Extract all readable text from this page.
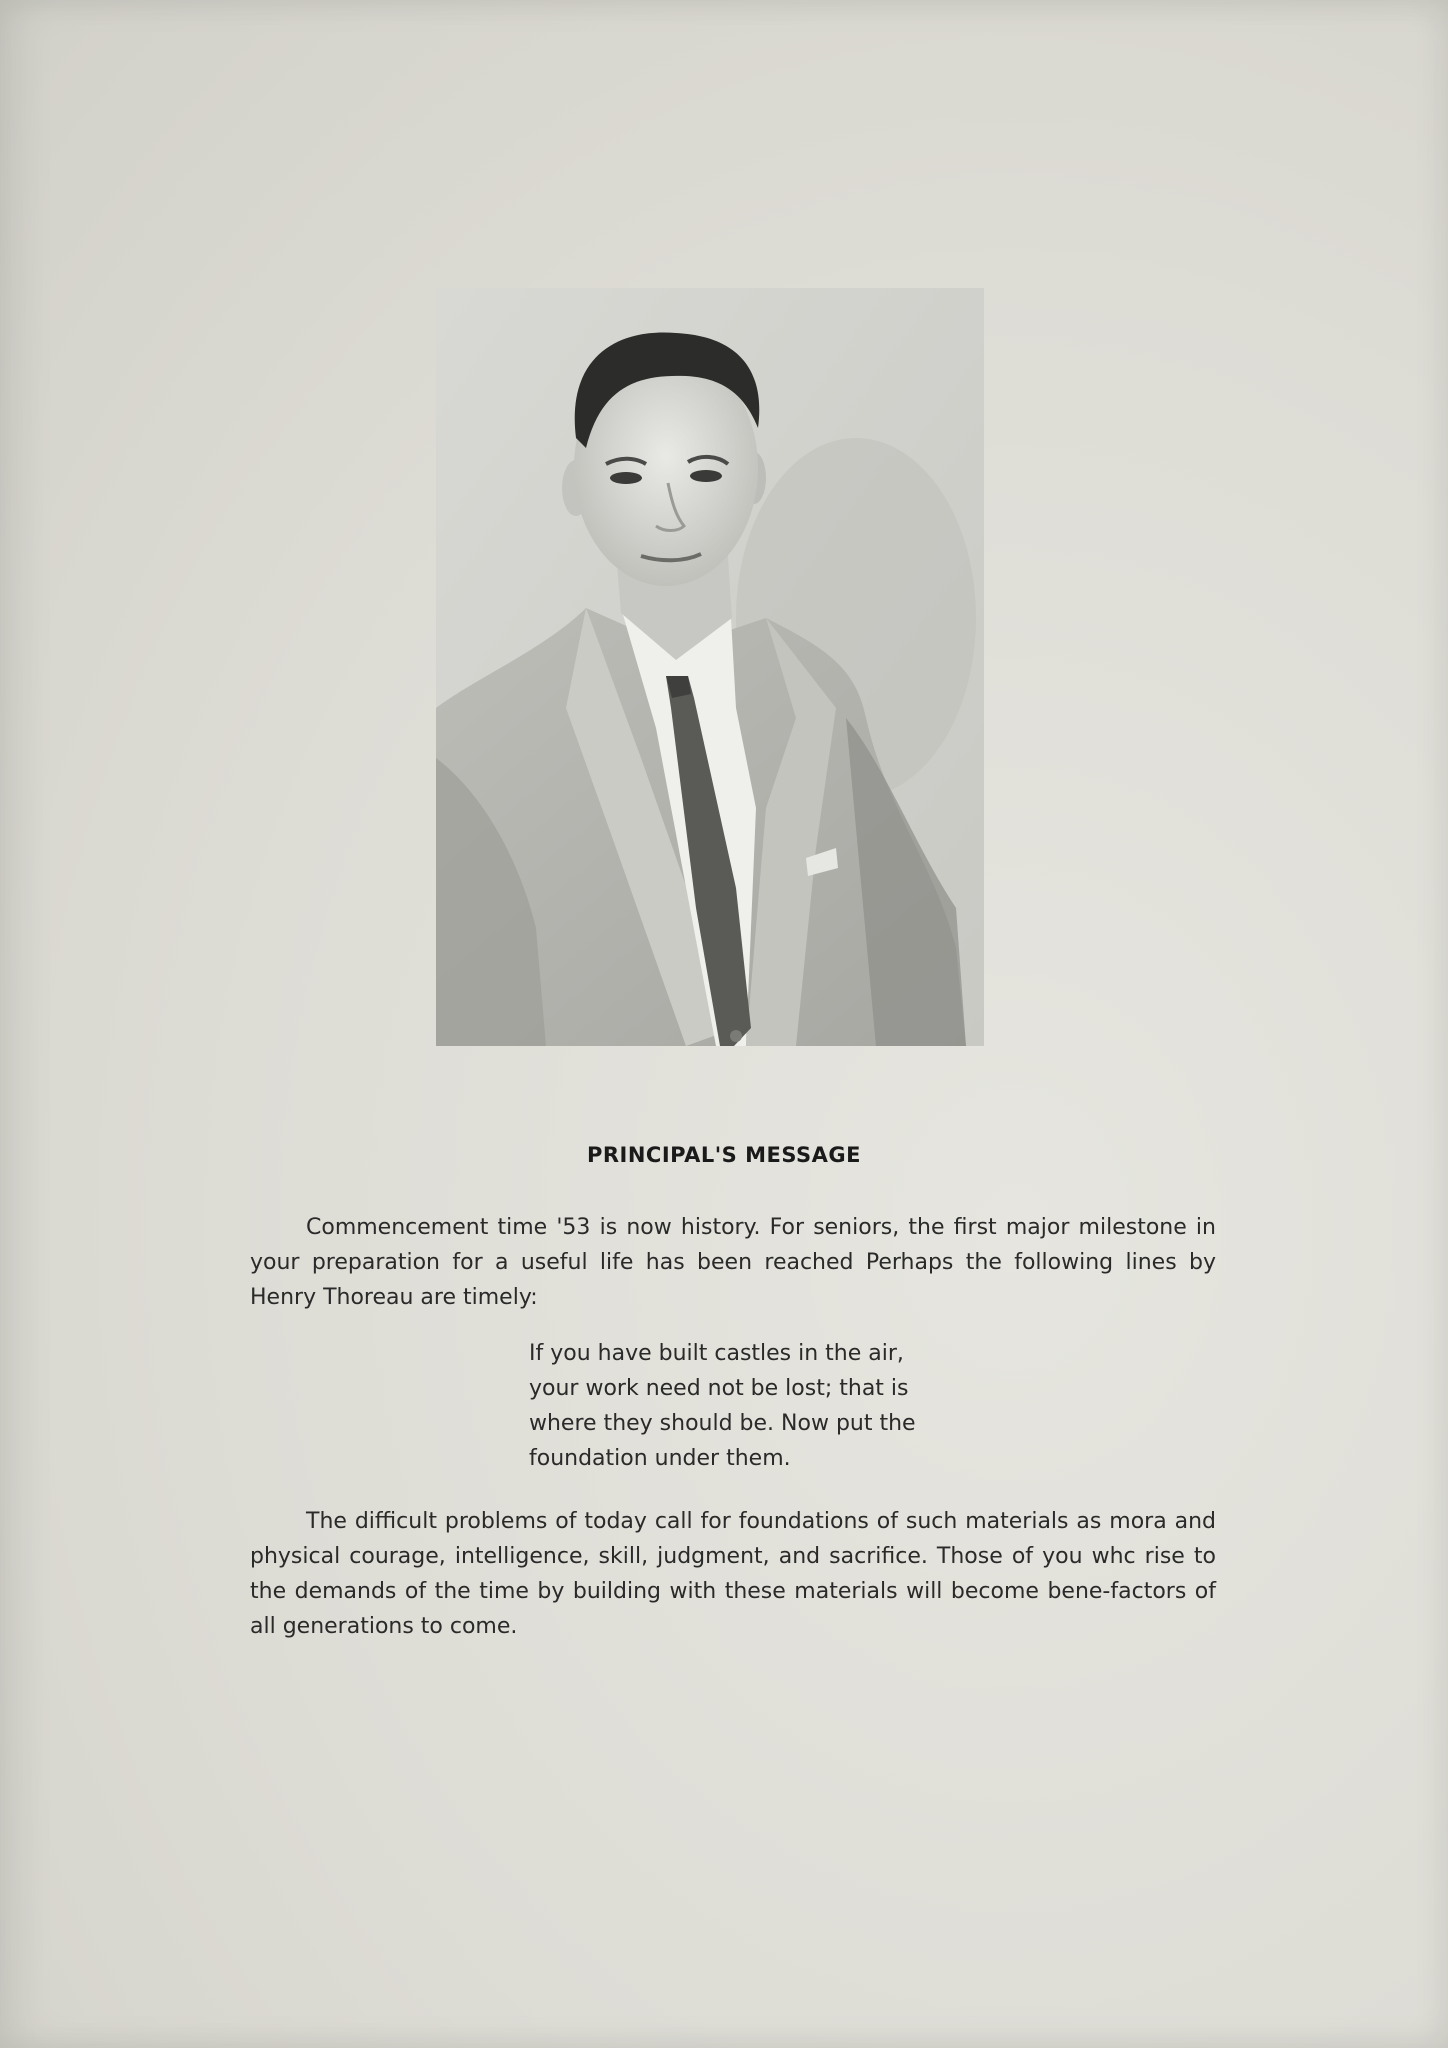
PRINCIPAL'S MESSAGE

Commencement time '53 is now history. For seniors, the first major milestone in your preparation for a useful life has been reached Perhaps the following lines by Henry Thoreau are timely:

If you have built castles in the air,
your work need not be lost; that is
where they should be. Now put the
foundation under them.

The difficult problems of today call for foundations of such materials as mora and physical courage, intelligence, skill, judgment, and sacrifice. Those of you whc rise to the demands of the time by building with these materials will become bene-factors of all generations to come.
